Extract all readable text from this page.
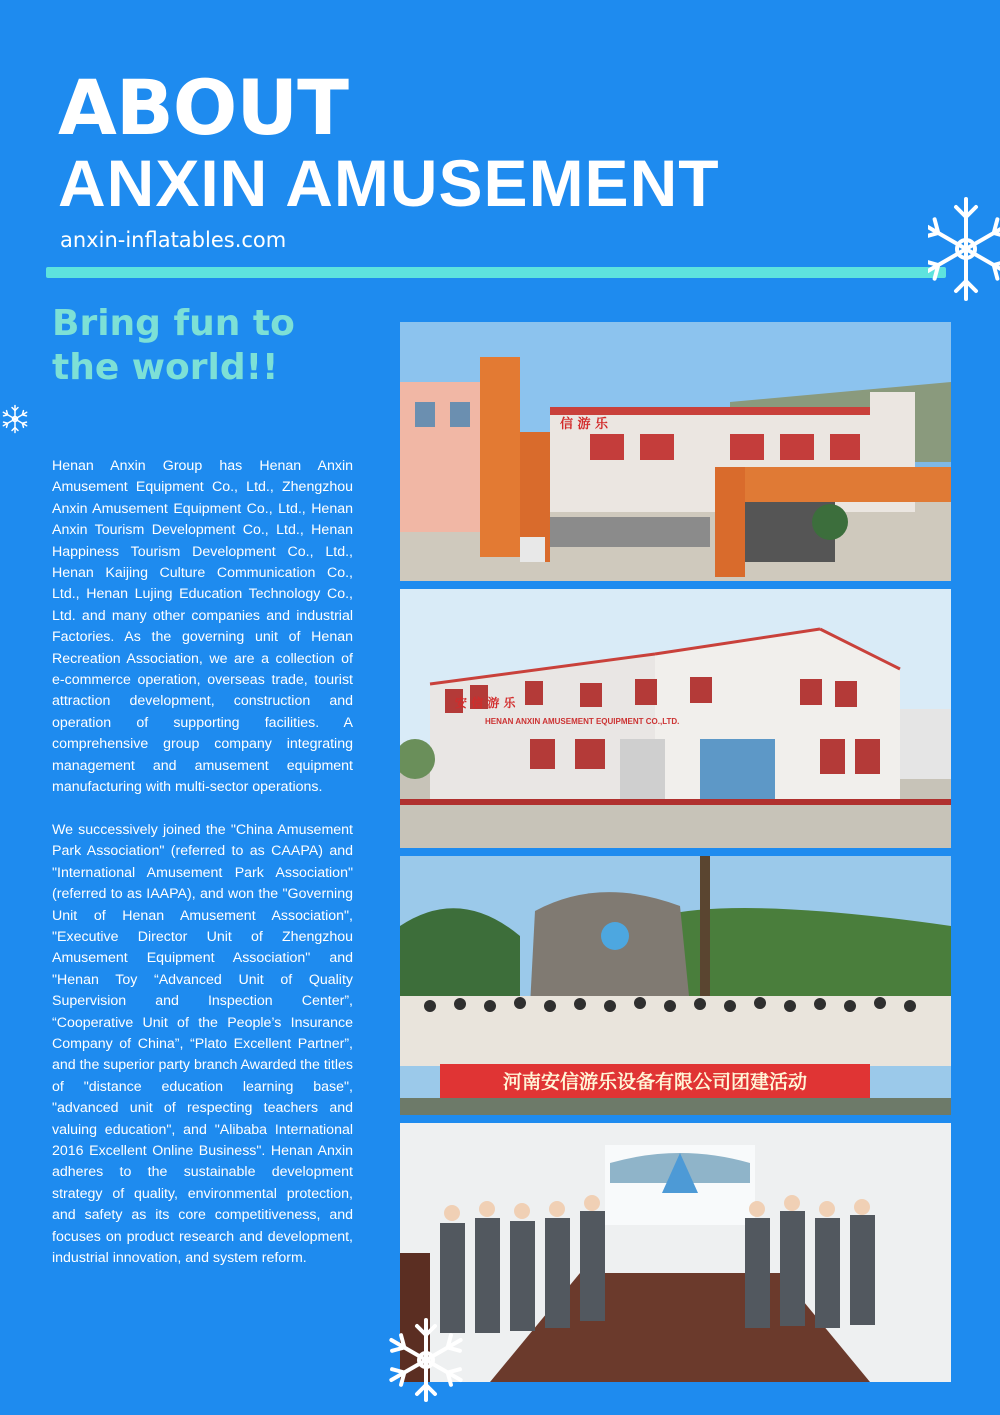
ABOUT
ANXIN AMUSEMENT
anxin-inflatables.com
Bring fun to the world!!

Henan Anxin Group has Henan Anxin Amusement Equipment Co., Ltd., Zhengzhou Anxin Amusement Equipment Co., Ltd., Henan Anxin Tourism Development Co., Ltd., Henan Happiness Tourism Development Co., Ltd., Henan Kaijing Culture Communication Co., Ltd., Henan Lujing Education Technology Co., Ltd. and many other companies and industrial Factories. As the governing unit of Henan Recreation Association, we are a collection of e-commerce operation, overseas trade, tourist attraction development, construction and operation of supporting facilities. A comprehensive group company integrating management and amusement equipment manufacturing with multi-sector operations.

We successively joined the "China Amusement Park Association" (referred to as CAAPA) and "International Amusement Park Association" (referred to as IAAPA), and won the "Governing Unit of Henan Amusement Association", "Executive Director Unit of Zhengzhou Amusement Equipment Association" and "Henan Toy “Advanced Unit of Quality Supervision and Inspection Center”, “Cooperative Unit of the People’s Insurance Company of China”, “Plato Excellent Partner”, and the superior party branch Awarded the titles of "distance education learning base", "advanced unit of respecting teachers and valuing education", and "Alibaba International 2016 Excellent Online Business". Henan Anxin adheres to the sustainable development strategy of quality, environmental protection, and safety as its core competitiveness, and focuses on product research and development, industrial innovation, and system reform.

信 游 乐
安 信 游 乐
HENAN ANXIN AMUSEMENT EQUIPMENT CO.,LTD.
河南安信游乐设备有限公司团建活动
